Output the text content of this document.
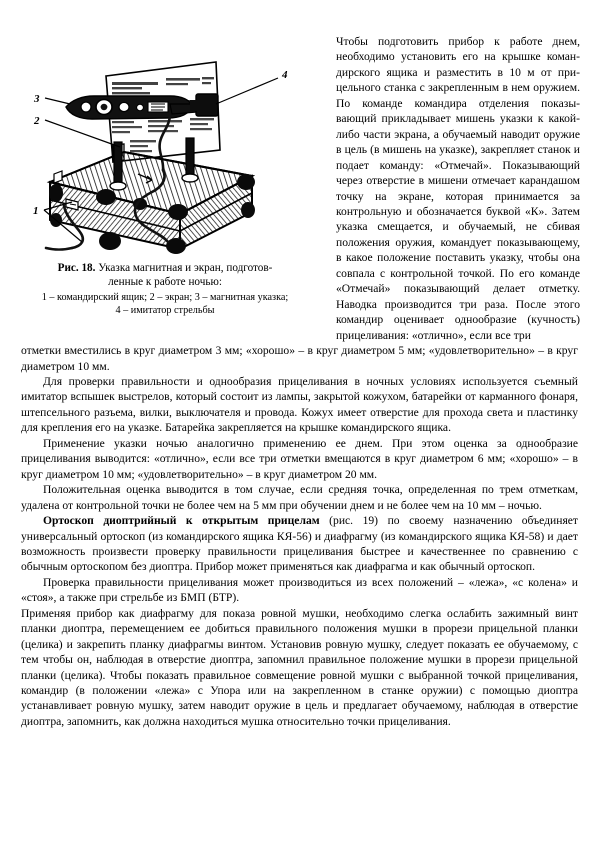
3
2
4
1
Рис. 18. Указка магнитная и экран, подготов-
ленные к работе ночью:
1 – командирский ящик; 2 – экран; 3 – магнитная указка;
4 – имитатор стрельбы
Чтобы подготовить прибор к работе днем, необходимо установить его на крышке командирского ящика и разместить в 10 м от прицельного станка с закрепленным в нем оружием. По команде командира отделения показывающий прикладывает мишень указки к какой-либо части экрана, а обучаемый наводит оружие в цель (в мишень на указке), закрепляет станок и подает команду: «Отмечай». Показывающий через отверстие в мишени отмечает карандашом точку на экране, которая принимается за контрольную и обозначается буквой «К». Затем указка смещается, и обучаемый, не сбивая положения оружия, командует показывающему, в какое положение поставить указку, чтобы она совпала с контрольной точкой. По его команде «Отмечай» показывающий делает отметку. Наводка производится три раза. После этого командир оценивает однообразие (кучность) прицеливания: «отлично», если все три

отметки вместились в круг диаметром 3 мм; «хорошо» – в круг диаметром 5 мм; «удовлетворительно» – в круг диаметром 10 мм.

Для проверки правильности и однообразия прицеливания в ночных условиях используется съемный имитатор вспышек выстрелов, который состоит из лампы, закрытой кожухом, батарейки от карманного фонаря, штепсельного разъема, вилки, выключателя и провода. Кожух имеет отверстие для прохода света и пластинку для крепления его на указке. Батарейка закрепляется на крышке командирского ящика.

Применение указки ночью аналогично применению ее днем. При этом оценка за однообразие прицеливания выводится: «отлично», если все три отметки вмещаются в круг диаметром 6 мм; «хорошо» – в круг диаметром 10 мм; «удовлетворительно» – в круг диаметром 20 мм.

Положительная оценка выводится в том случае, если средняя точка, определенная по трем отметкам, удалена от контрольной точки не более чем на 5 мм при обучении днем и не более чем на 10 мм – ночью.

Ортоскоп диоптрийный к открытым прицелам (рис. 19) по своему назначению объединяет универсальный ортоскоп (из командирского ящика КЯ-56) и диафрагму (из командирского ящика КЯ-58) и дает возможность произвести проверку правильности прицеливания быстрее и качественнее по сравнению с обычным ортоскопом без диоптра. Прибор может применяться как диафрагма и как обычный ортоскоп.

Проверка правильности прицеливания может производиться из всех положений – «лежа», «с колена» и «стоя», а также при стрельбе из БМП (БТР).

Применяя прибор как диафрагму для показа ровной мушки, необходимо слегка ослабить зажимный винт планки диоптра, перемещением ее добиться правильного положения мушки в прорези прицельной планки (целика) и закрепить планку диафрагмы винтом. Установив ровную мушку, следует показать ее обучаемому, с тем чтобы он, наблюдая в отверстие диоптра, запомнил правильное положение мушки в прорези прицельной планки (целика). Чтобы показать правильное совмещение ровной мушки с выбранной точкой прицеливания, командир (в положении «лежа» с Упора или на закрепленном в станке оружии) с помощью диоптра устанавливает ровную мушку, затем наводит оружие в цель и предлагает обучаемому, наблюдая в отверстие диоптра, запомнить, как должна находиться мушка относительно точки прицеливания.
